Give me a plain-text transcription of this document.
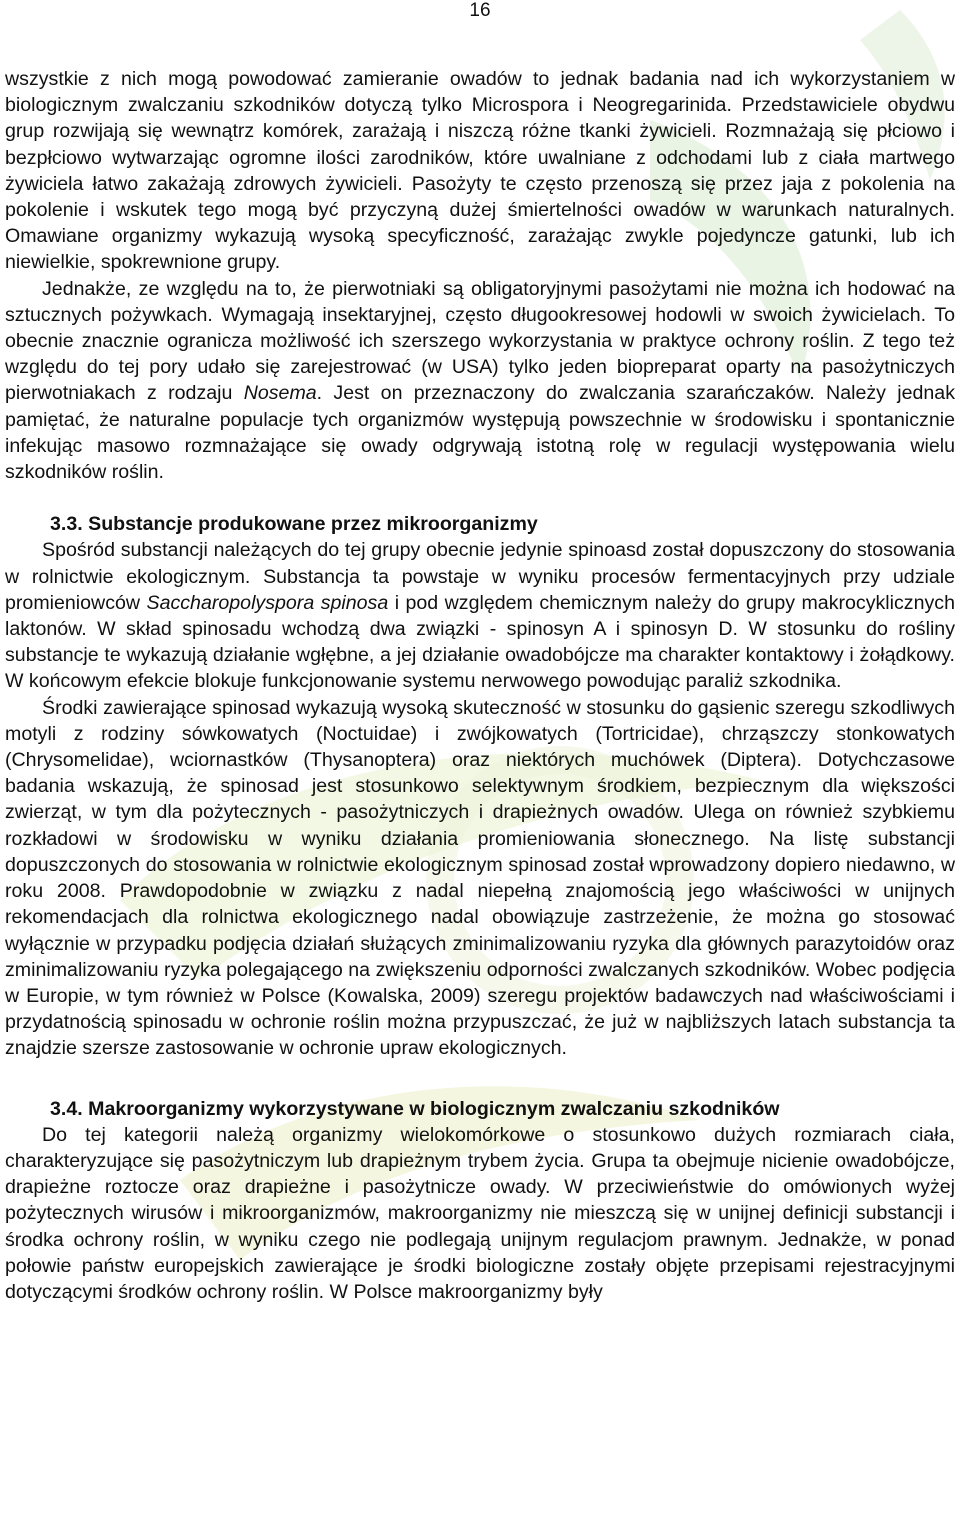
16

wszystkie z nich mogą powodować zamieranie owadów to jednak badania nad ich wykorzystaniem w biologicznym zwalczaniu szkodników dotyczą tylko Microspora i Neogregarinida. Przedstawiciele obydwu grup rozwijają się wewnątrz komórek, zarażają i niszczą różne tkanki żywicieli. Rozmnażają się płciowo i bezpłciowo wytwarzając ogromne ilości zarodników, które uwalniane z odchodami lub z ciała martwego żywiciela łatwo zakażają zdrowych żywicieli. Pasożyty te często przenoszą się przez jaja z pokolenia na pokolenie i wskutek tego mogą być przyczyną dużej śmiertelności owadów w warunkach naturalnych. Omawiane organizmy wykazują wysoką specyficzność, zarażając zwykle pojedyncze gatunki, lub ich niewielkie, spokrewnione grupy.

Jednakże, ze względu na to, że pierwotniaki są obligatoryjnymi pasożytami nie można ich hodować na sztucznych pożywkach. Wymagają insektaryjnej, często długookresowej hodowli w swoich żywicielach. To obecnie znacznie ogranicza możliwość ich szerszego wykorzystania w praktyce ochrony roślin. Z tego też względu do tej pory udało się zarejestrować (w USA) tylko jeden biopreparat oparty na pasożytniczych pierwotniakach z rodzaju Nosema. Jest on przeznaczony do zwalczania szarańczaków. Należy jednak pamiętać, że naturalne populacje tych organizmów występują powszechnie w środowisku i spontanicznie infekując masowo rozmnażające się owady odgrywają istotną rolę w regulacji występowania wielu szkodników roślin.

3.3. Substancje produkowane przez mikroorganizmy

Spośród substancji należących do tej grupy obecnie jedynie spinoasd został dopuszczony do stosowania w rolnictwie ekologicznym. Substancja ta powstaje w wyniku procesów fermentacyjnych przy udziale promieniowców Saccharopolyspora spinosa i pod względem chemicznym należy do grupy makrocyklicznych laktonów. W skład spinosadu wchodzą dwa związki - spinosyn A i spinosyn D. W stosunku do rośliny substancje te wykazują działanie wgłębne, a jej działanie owadobójcze ma charakter kontaktowy i żołądkowy. W końcowym efekcie blokuje funkcjonowanie systemu nerwowego powodując paraliż szkodnika.

Środki zawierające spinosad wykazują wysoką skuteczność w stosunku do gąsienic szeregu szkodliwych motyli z rodziny sówkowatych (Noctuidae) i zwójkowatych (Tortricidae), chrząszczy stonkowatych (Chrysomelidae), wciornastków (Thysanoptera) oraz niektórych muchówek (Diptera). Dotychczasowe badania wskazują, że spinosad jest stosunkowo selektywnym środkiem, bezpiecznym dla większości zwierząt, w tym dla pożytecznych - pasożytniczych i drapieżnych owadów. Ulega on również szybkiemu rozkładowi w środowisku w wyniku działania promieniowania słonecznego. Na listę substancji dopuszczonych do stosowania w rolnictwie ekologicznym spinosad został wprowadzony dopiero niedawno, w roku 2008. Prawdopodobnie w związku z nadal niepełną znajomością jego właściwości w unijnych rekomendacjach dla rolnictwa ekologicznego nadal obowiązuje zastrzeżenie, że można go stosować wyłącznie w przypadku podjęcia działań służących zminimalizowaniu ryzyka dla głównych parazytoidów oraz zminimalizowaniu ryzyka polegającego na zwiększeniu odporności zwalczanych szkodników. Wobec podjęcia w Europie, w tym również w Polsce (Kowalska, 2009) szeregu projektów badawczych nad właściwościami i przydatnością spinosadu w ochronie roślin można przypuszczać, że już w najbliższych latach substancja ta znajdzie szersze zastosowanie w ochronie upraw ekologicznych.

3.4. Makroorganizmy wykorzystywane w biologicznym zwalczaniu szkodników

Do tej kategorii należą organizmy wielokomórkowe o stosunkowo dużych rozmiarach ciała, charakteryzujące się pasożytniczym lub drapieżnym trybem życia. Grupa ta obejmuje nicienie owadobójcze, drapieżne roztocze oraz drapieżne i pasożytnicze owady. W przeciwieństwie do omówionych wyżej pożytecznych wirusów i mikroorganizmów, makroorganizmy nie mieszczą się w unijnej definicji substancji i środka ochrony roślin, w wyniku czego nie podlegają unijnym regulacjom prawnym. Jednakże, w ponad połowie państw europejskich zawierające je środki biologiczne zostały objęte przepisami rejestracyjnymi dotyczącymi środków ochrony roślin. W Polsce makroorganizmy były
